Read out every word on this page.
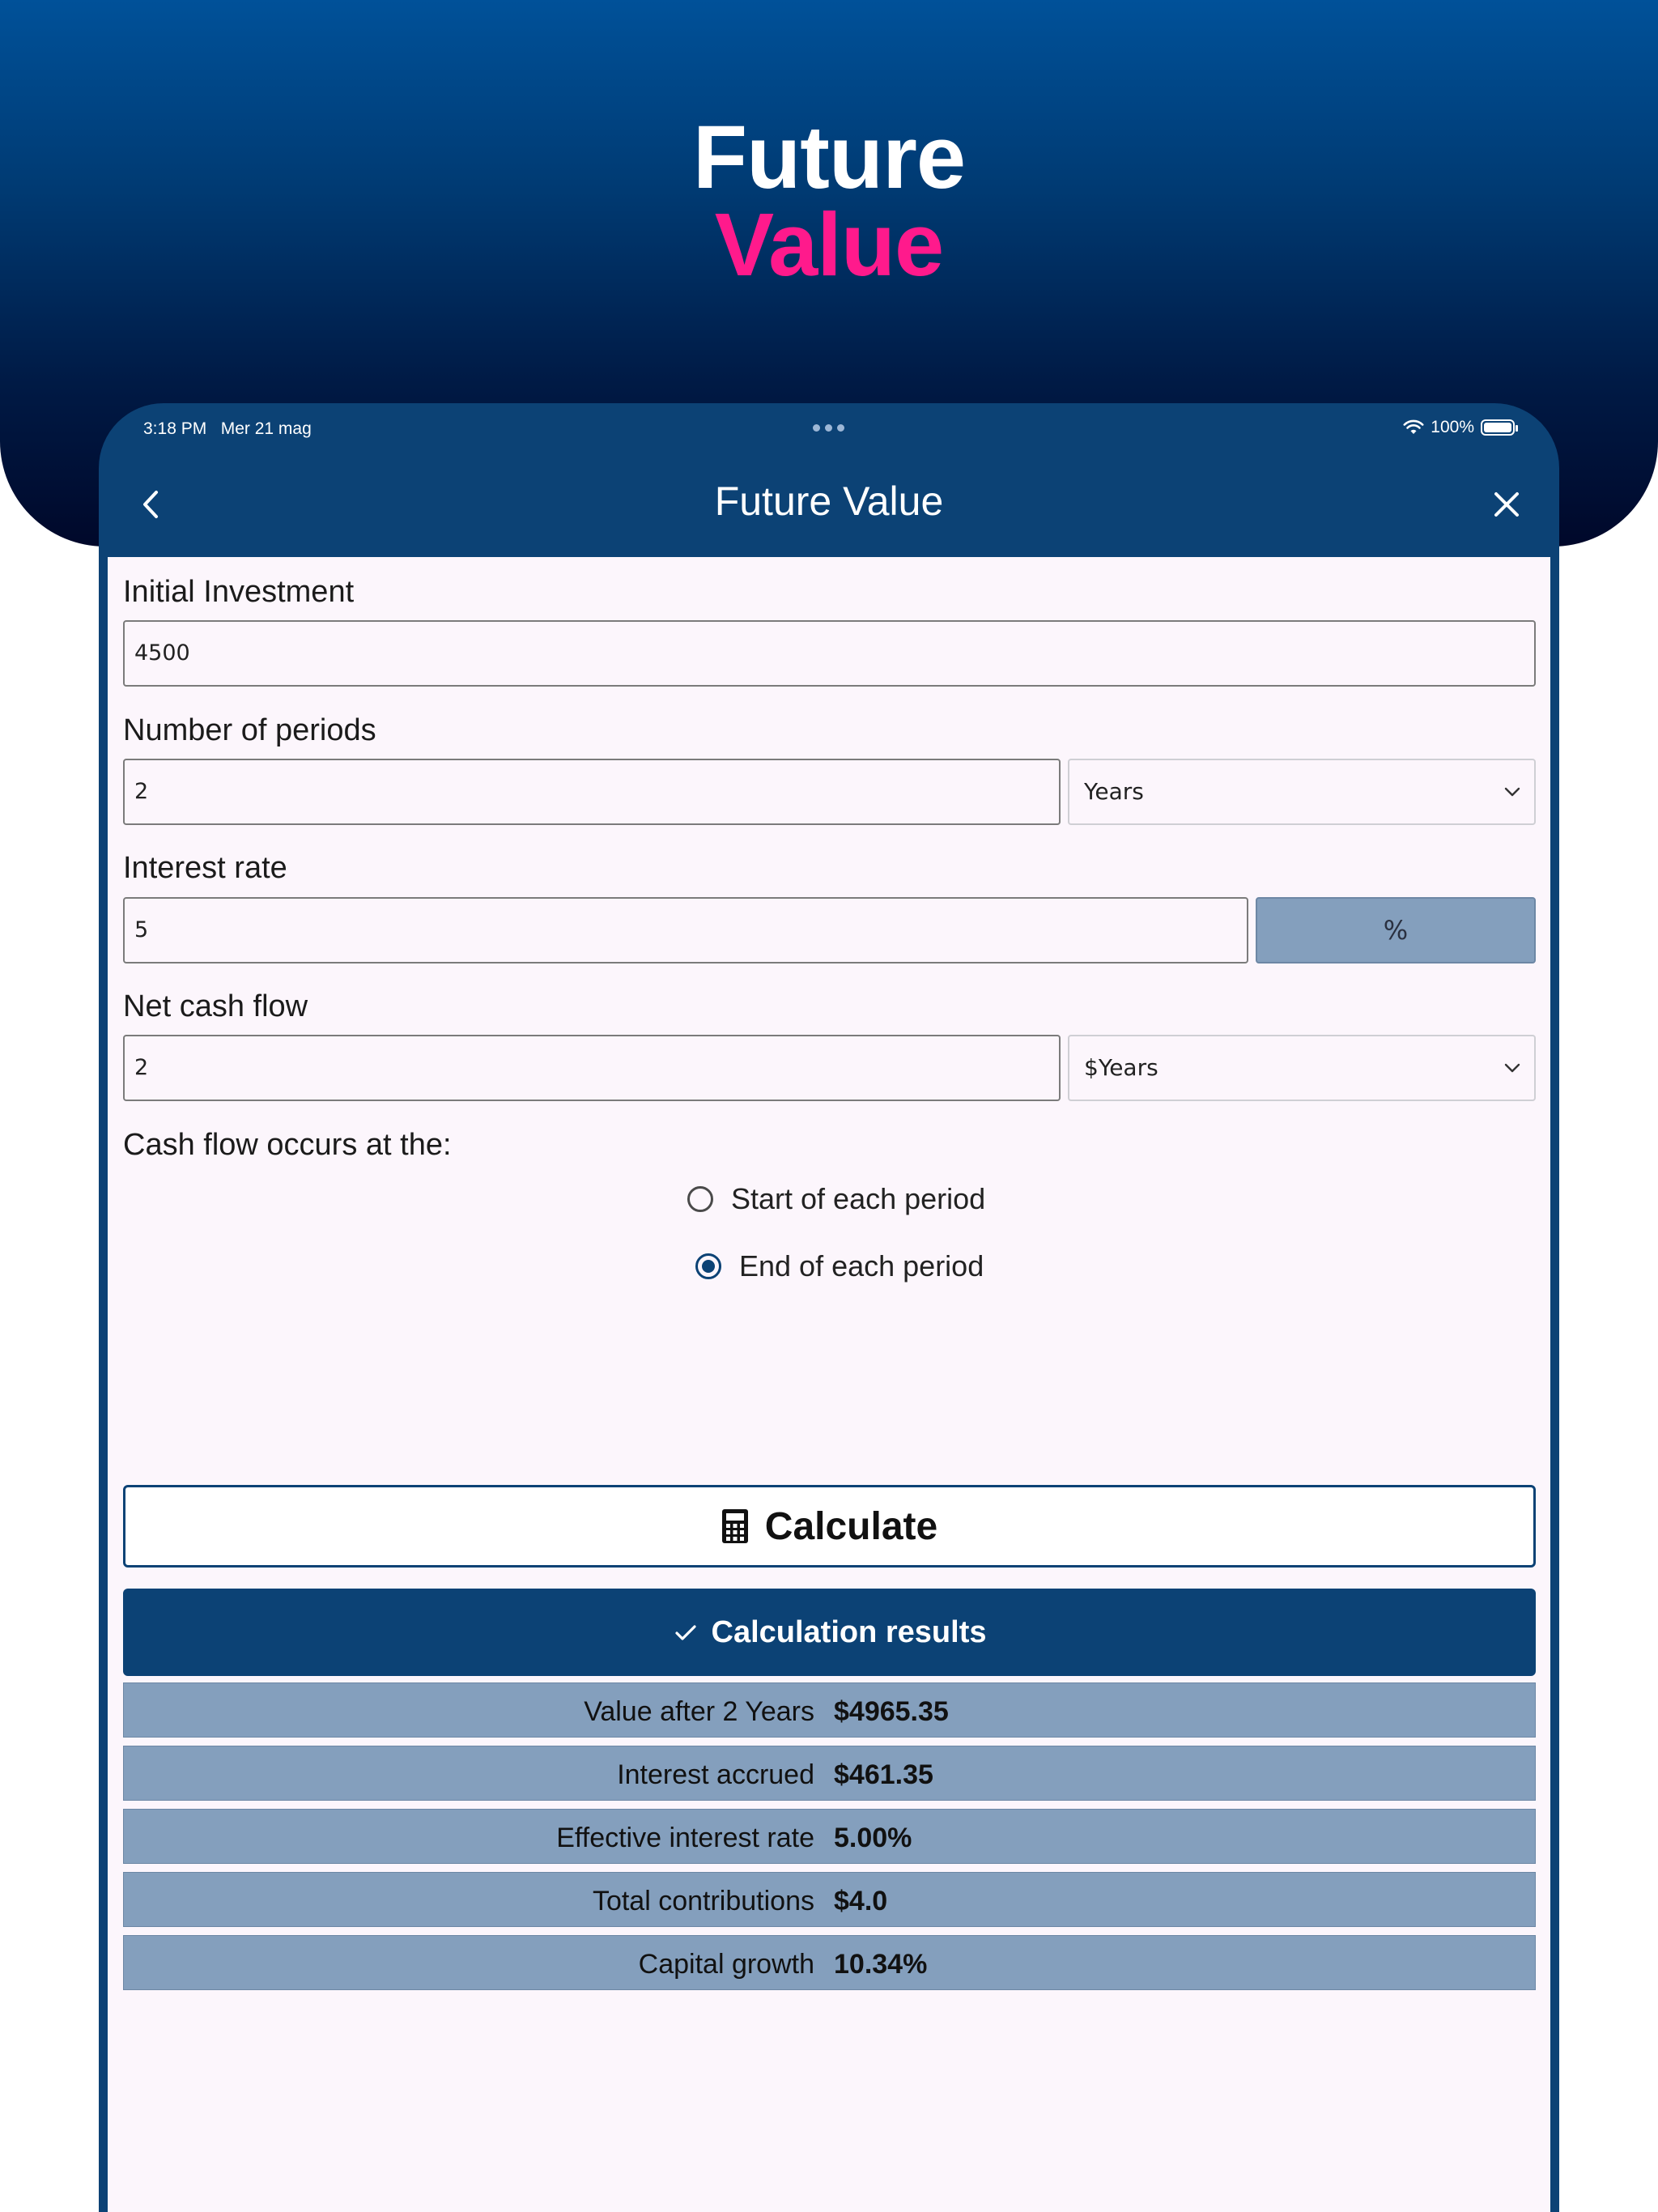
Future
Value
3:18 PM Mer 21 mag	100%
Future Value
Initial Investment
4500
Number of periods
2	Years
Interest rate
5	%
Net cash flow
2	$Years
Cash flow occurs at the:
Start of each period
End of each period
Calculate
Calculation results
Value after 2 Years $4965.35
Interest accrued $461.35
Effective interest rate 5.00%
Total contributions $4.0
Capital growth 10.34%
